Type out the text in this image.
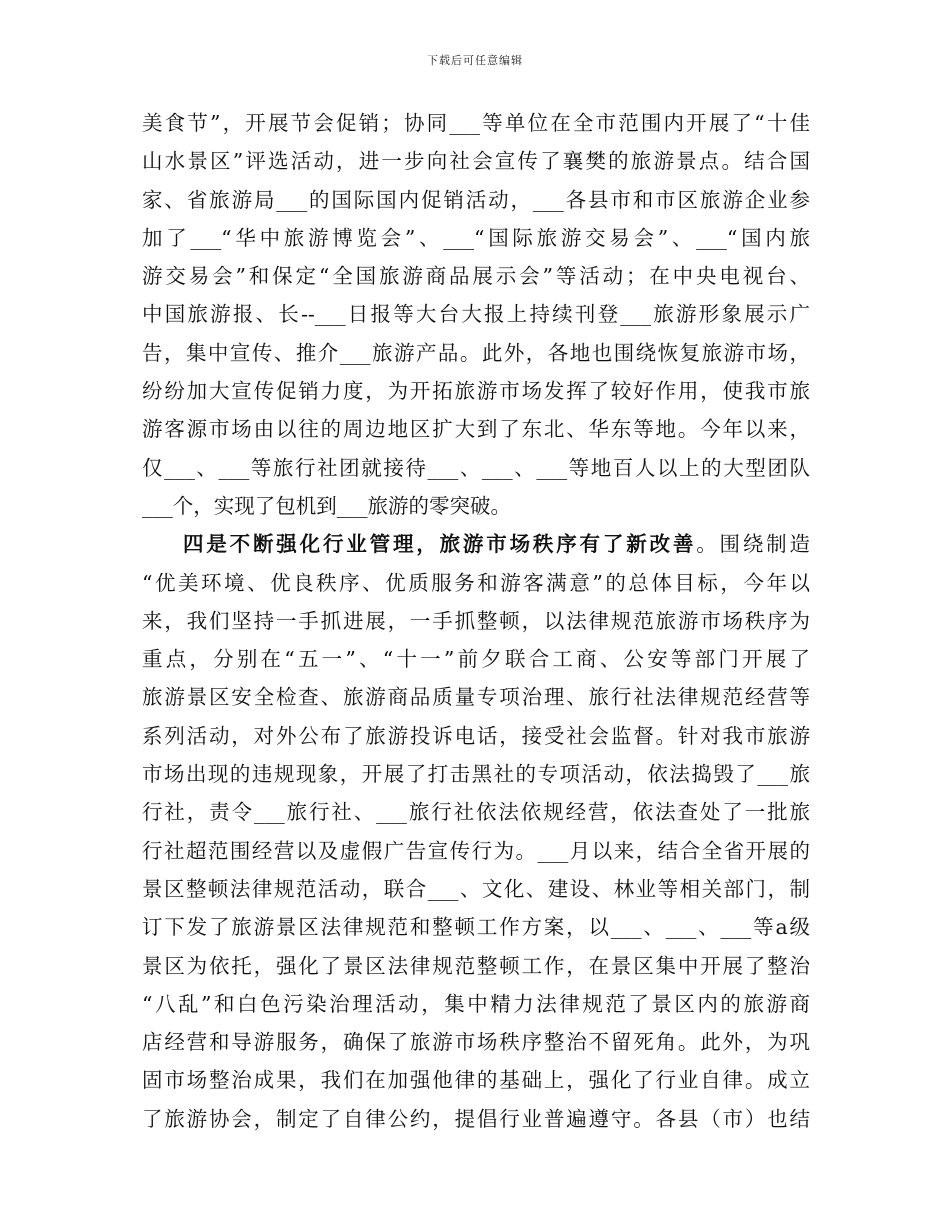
下载后可任意编辑
美食节”，开展节会促销；协同___等单位在全市范围内开展了“十佳
山水景区”评选活动，进一步向社会宣传了襄樊的旅游景点。结合国
家、省旅游局___的国际国内促销活动，___各县市和市区旅游企业参
加了___“华中旅游博览会”、___“国际旅游交易会”、___“国内旅
游交易会”和保定“全国旅游商品展示会”等活动；在中央电视台、
中国旅游报、长--___日报等大台大报上持续刊登___旅游形象展示广
告，集中宣传、推介___旅游产品。此外，各地也围绕恢复旅游市场，
纷纷加大宣传促销力度，为开拓旅游市场发挥了较好作用，使我市旅
游客源市场由以往的周边地区扩大到了东北、华东等地。今年以来，
仅___、___等旅行社团就接待___、___、___等地百人以上的大型团队
___个，实现了包机到___旅游的零突破。
四是不断强化行业管理，旅游市场秩序有了新改善。围绕制造
“优美环境、优良秩序、优质服务和游客满意”的总体目标，今年以
来，我们坚持一手抓进展，一手抓整顿，以法律规范旅游市场秩序为
重点，分别在“五一”、“十一”前夕联合工商、公安等部门开展了
旅游景区安全检查、旅游商品质量专项治理、旅行社法律规范经营等
系列活动，对外公布了旅游投诉电话，接受社会监督。针对我市旅游
市场出现的违规现象，开展了打击黑社的专项活动，依法捣毁了___旅
行社，责令___旅行社、___旅行社依法依规经营，依法查处了一批旅
行社超范围经营以及虚假广告宣传行为。___月以来，结合全省开展的
景区整顿法律规范活动，联合___、文化、建设、林业等相关部门，制
订下发了旅游景区法律规范和整顿工作方案，以___、___、___等a级
景区为依托，强化了景区法律规范整顿工作，在景区集中开展了整治
“八乱”和白色污染治理活动，集中精力法律规范了景区内的旅游商
店经营和导游服务，确保了旅游市场秩序整治不留死角。此外，为巩
固市场整治成果，我们在加强他律的基础上，强化了行业自律。成立
了旅游协会，制定了自律公约，提倡行业普遍遵守。各县（市）也结
